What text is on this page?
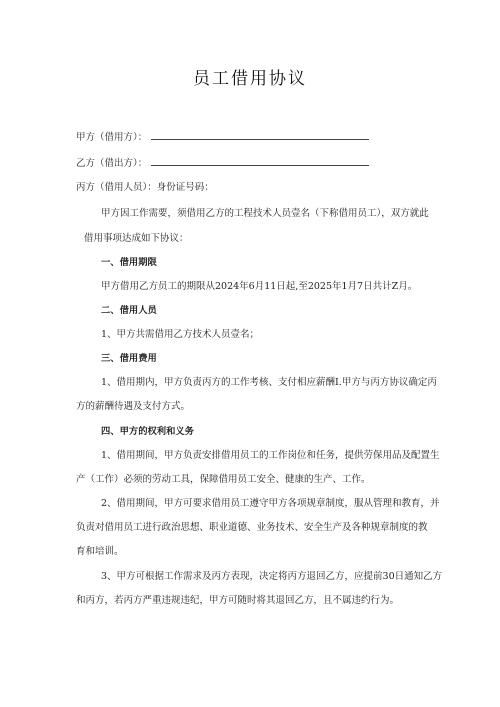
员工借用协议
甲方（借用方）：
乙方（借出方）：
丙方（借用人员）：身份证号码：
甲方因工作需要，须借用乙方的工程技术人员壹名（下称借用员工），双方就此
借用事项达成如下协议：
一、借用期限
甲方借用乙方员工的期限从2024年6月11日起,至2025年1月7日共计Z月。
二、借用人员
1、甲方共需借用乙方技术人员壹名；
三、借用费用
1、借用期内，甲方负责丙方的工作考核、支付相应薪酬I.甲方与丙方协议确定丙
方的薪酬待遇及支付方式。
四、甲方的权利和义务
1、借用期间，甲方负责安排借用员工的工作岗位和任务，提供劳保用品及配置生
产（工作）必须的劳动工具，保障借用员工安全、健康的生产、工作。
2、借用期间，甲方可要求借用员工遵守甲方各项规章制度，服从管理和教育，并
负责对借用员工进行政治思想、职业道德、业务技术、安全生产及各种规章制度的教
育和培训。
3、甲方可根据工作需求及丙方表现，决定将丙方退回乙方，应提前30日通知乙方
和丙方，若丙方严重违规违纪，甲方可随时将其退回乙方，且不属违约行为。
